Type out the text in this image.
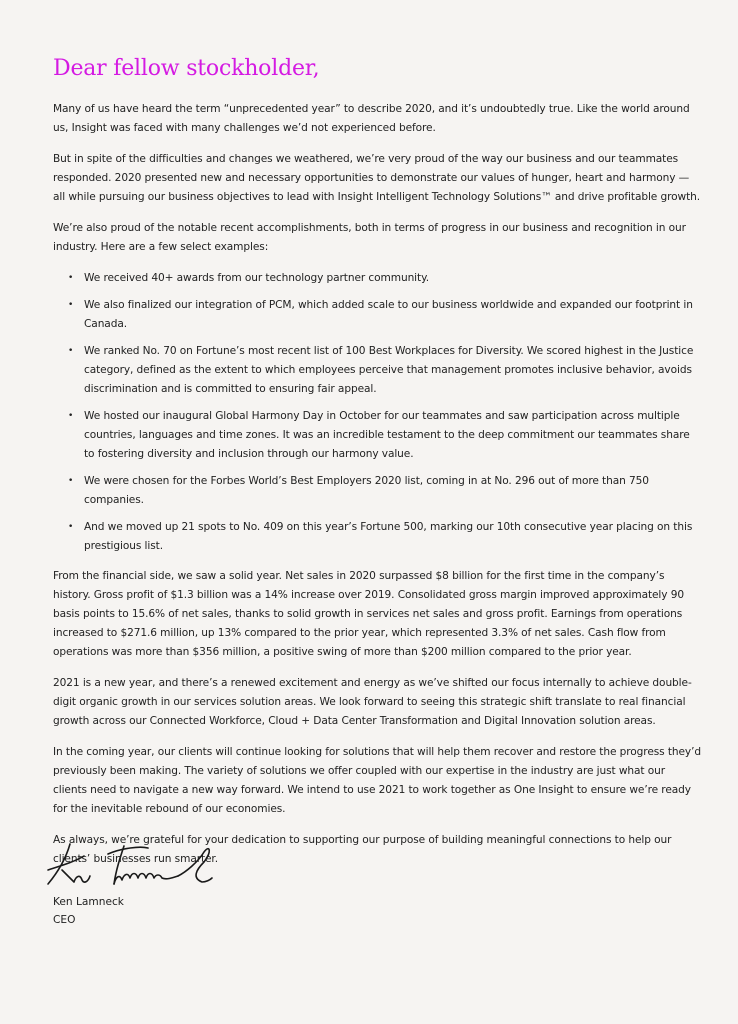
Dear fellow stockholder,

Many of us have heard the term “unprecedented year” to describe 2020, and it’s undoubtedly true. Like the world around us, Insight was faced with many challenges we’d not experienced before.

But in spite of the difficulties and changes we weathered, we’re very proud of the way our business and our teammates responded. 2020 presented new and necessary opportunities to demonstrate our values of hunger, heart and harmony — all while pursuing our business objectives to lead with Insight Intelligent Technology Solutions™ and drive profitable growth.

We’re also proud of the notable recent accomplishments, both in terms of progress in our business and recognition in our industry. Here are a few select examples:

• We received 40+ awards from our technology partner community.
• We also finalized our integration of PCM, which added scale to our business worldwide and expanded our footprint in Canada.
• We ranked No. 70 on Fortune’s most recent list of 100 Best Workplaces for Diversity. We scored highest in the Justice category, defined as the extent to which employees perceive that management promotes inclusive behavior, avoids discrimination and is committed to ensuring fair appeal.
• We hosted our inaugural Global Harmony Day in October for our teammates and saw participation across multiple countries, languages and time zones. It was an incredible testament to the deep commitment our teammates share to fostering diversity and inclusion through our harmony value.
• We were chosen for the Forbes World’s Best Employers 2020 list, coming in at No. 296 out of more than 750 companies.
• And we moved up 21 spots to No. 409 on this year’s Fortune 500, marking our 10th consecutive year placing on this prestigious list.

From the financial side, we saw a solid year. Net sales in 2020 surpassed $8 billion for the first time in the company’s history. Gross profit of $1.3 billion was a 14% increase over 2019. Consolidated gross margin improved approximately 90 basis points to 15.6% of net sales, thanks to solid growth in services net sales and gross profit. Earnings from operations increased to $271.6 million, up 13% compared to the prior year, which represented 3.3% of net sales. Cash flow from operations was more than $356 million, a positive swing of more than $200 million compared to the prior year.

2021 is a new year, and there’s a renewed excitement and energy as we’ve shifted our focus internally to achieve double-digit organic growth in our services solution areas. We look forward to seeing this strategic shift translate to real financial growth across our Connected Workforce, Cloud + Data Center Transformation and Digital Innovation solution areas.

In the coming year, our clients will continue looking for solutions that will help them recover and restore the progress they’d previously been making. The variety of solutions we offer coupled with our expertise in the industry are just what our clients need to navigate a new way forward. We intend to use 2021 to work together as One Insight to ensure we’re ready for the inevitable rebound of our economies.

As always, we’re grateful for your dedication to supporting our purpose of building meaningful connections to help our clients’ businesses run smarter.

Ken Lamneck
CEO
